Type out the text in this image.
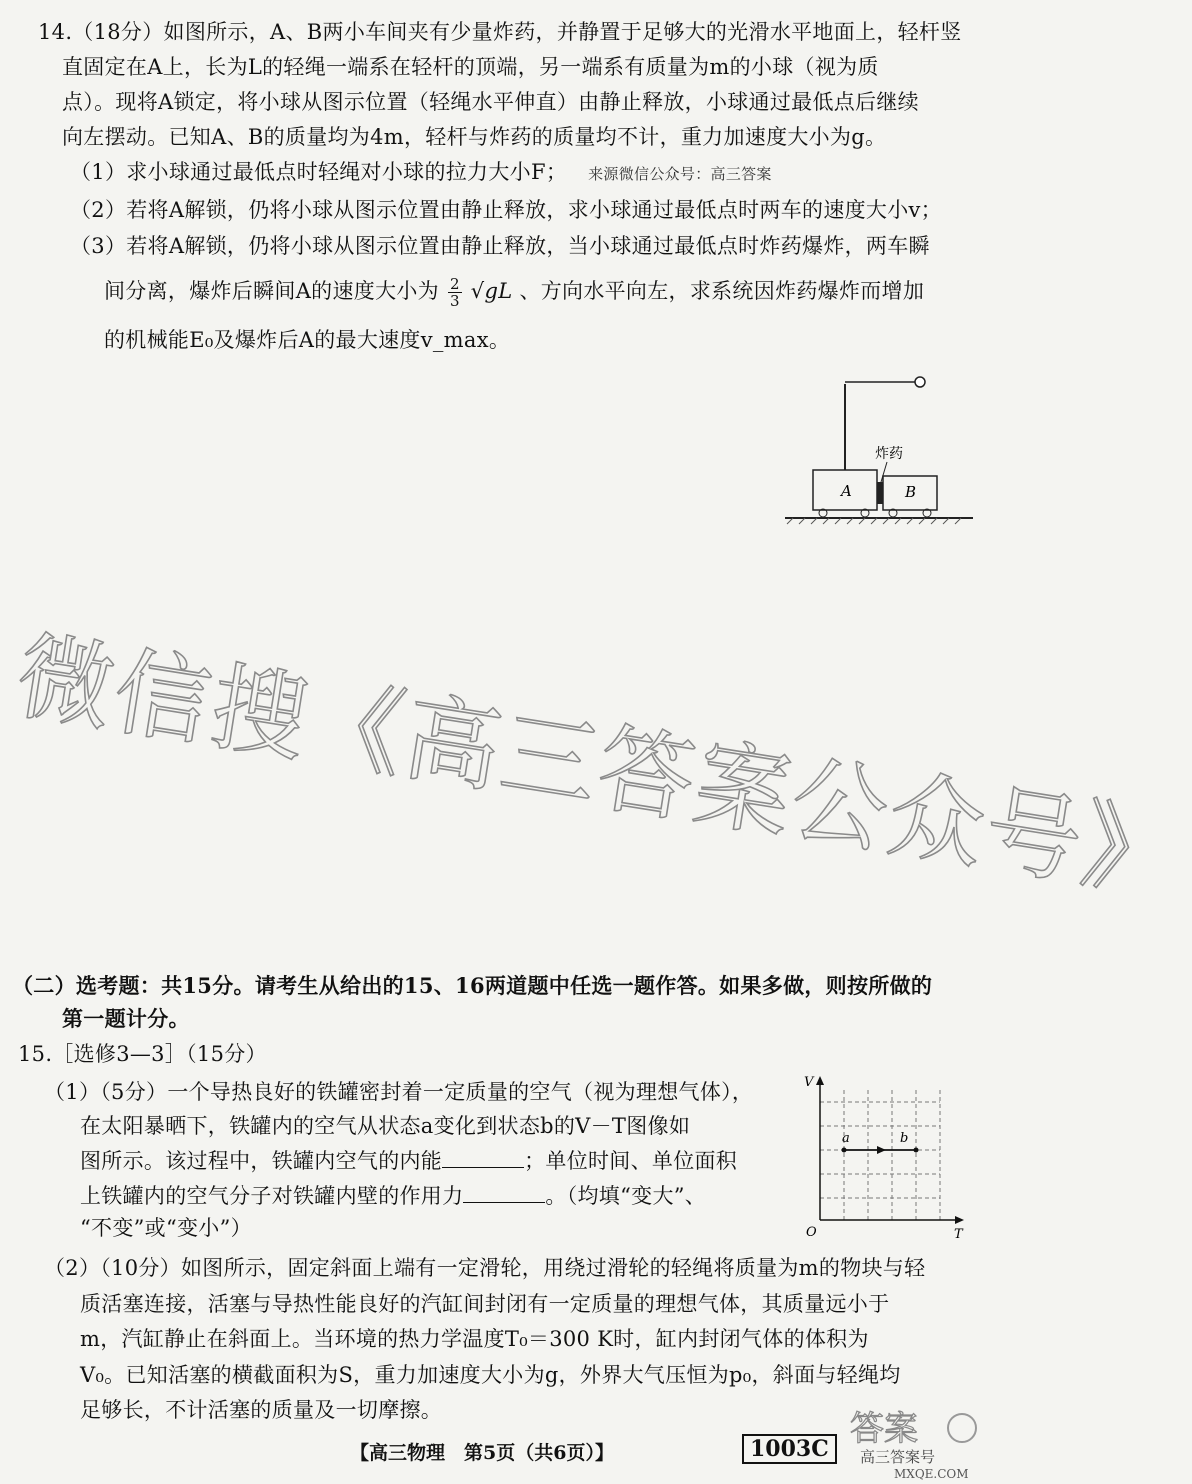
14.（18分）如图所示，A、B两小车间夹有少量炸药，并静置于足够大的光滑水平地面上，轻杆竖
直固定在A上，长为L的轻绳一端系在轻杆的顶端，另一端系有质量为m的小球（视为质
点）。现将A锁定，将小球从图示位置（轻绳水平伸直）由静止释放，小球通过最低点后继续
向左摆动。已知A、B的质量均为4m，轻杆与炸药的质量均不计，重力加速度大小为g。
（1）求小球通过最低点时轻绳对小球的拉力大小F； 来源微信公众号：高三答案
（2）若将A解锁，仍将小球从图示位置由静止释放，求小球通过最低点时两车的速度大小v；
（3）若将A解锁，仍将小球从图示位置由静止释放，当小球通过最低点时炸药爆炸，两车瞬
间分离，爆炸后瞬间A的速度大小为 $\frac{2}{3} √gL$ 、方向水平向左，求系统因炸药爆炸而增加
的机械能E₀及爆炸后A的最大速度v_max。
炸药
A	B
微信搜《高三答案公众号》
（二）选考题：共15分。请考生从给出的15、16两道题中任选一题作答。如果多做，则按所做的
第一题计分。
15.［选修3—3］（15分）
（1）（5分）一个导热良好的铁罐密封着一定质量的空气（视为理想气体），
在太阳暴晒下，铁罐内的空气从状态a变化到状态b的V－T图像如
图所示。该过程中，铁罐内空气的内能	；单位时间、单位面积
上铁罐内的空气分子对铁罐内壁的作用力	。（均填“变大”、
“不变”或“变小”）
V
T
O
a	b
（2）（10分）如图所示，固定斜面上端有一定滑轮，用绕过滑轮的轻绳将质量为m的物块与轻
质活塞连接，活塞与导热性能良好的汽缸间封闭有一定质量的理想气体，其质量远小于
m，汽缸静止在斜面上。当环境的热力学温度T₀＝300 K时，缸内封闭气体的体积为
V₀。已知活塞的横截面积为S，重力加速度大小为g，外界大气压恒为p₀，斜面与轻绳均
足够长，不计活塞的质量及一切摩擦。
【高三物理　第5页（共6页）】	1003C 答案
高三答案号
MXQE.COM
